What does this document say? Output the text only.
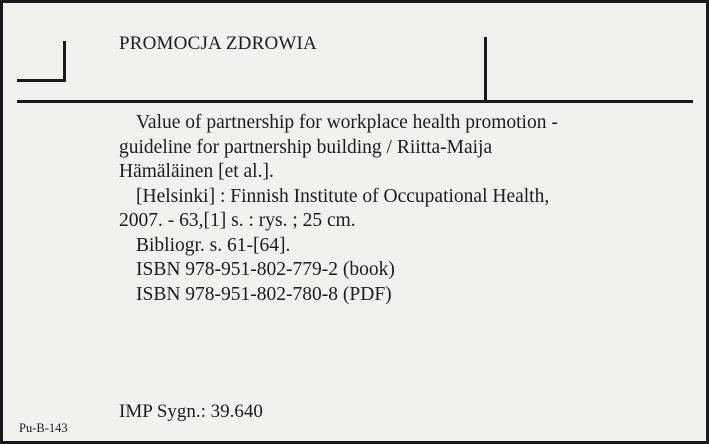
PROMOCJA ZDROWIA
Value of partnership for workplace health promotion -
guideline for partnership building / Riitta-Maija
Hämäläinen [et al.].
[Helsinki] : Finnish Institute of Occupational Health,
2007. - 63,[1] s. : rys. ; 25 cm.
Bibliogr. s. 61-[64].
ISBN 978-951-802-779-2 (book)
ISBN 978-951-802-780-8 (PDF)
Pu-B-143
IMP Sygn.: 39.640
